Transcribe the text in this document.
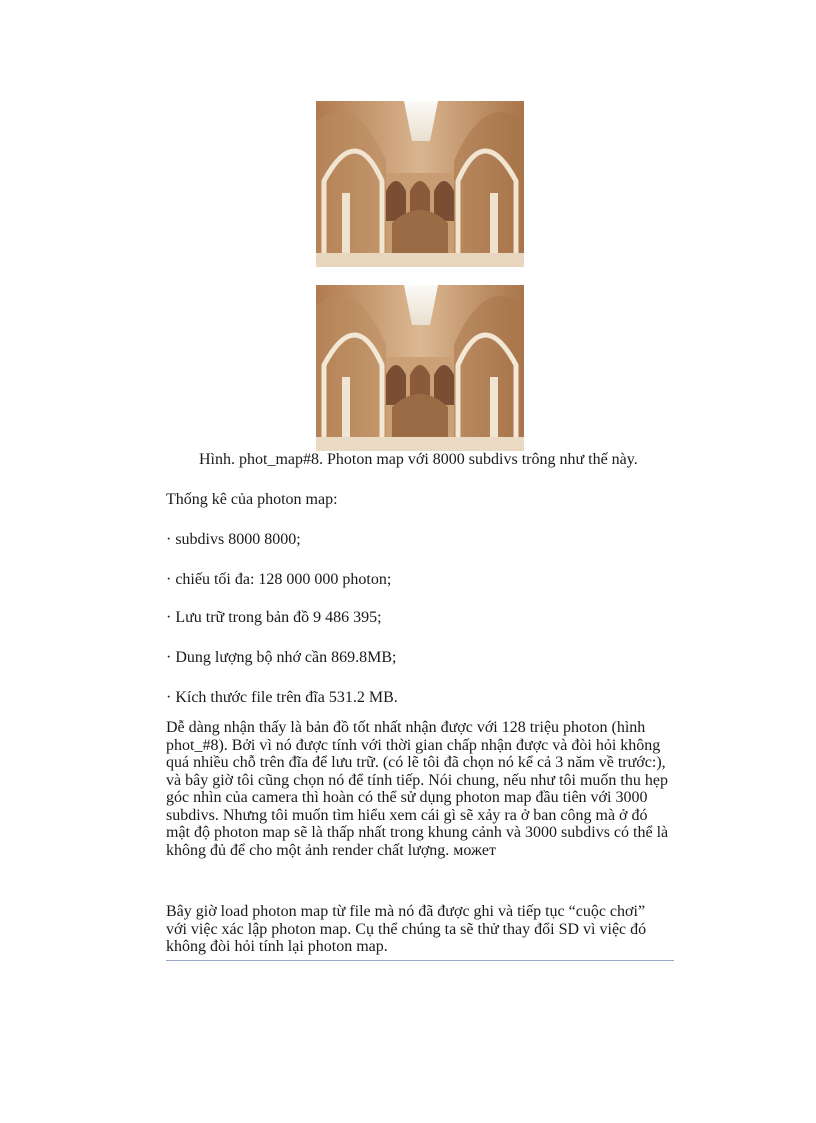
Hình. phot_map#8. Photon map với 8000 subdivs trông như thế này.
Thống kê của photon map:
· subdivs 8000 8000;
· chiếu tối đa: 128 000 000 photon;
· Lưu trữ trong bản đồ 9 486 395;
· Dung lượng bộ nhớ cần 869.8MB;
· Kích thước file trên đĩa 531.2 MB.
Dễ dàng nhận thấy là bản đồ tốt nhất nhận được với 128 triệu photon (hình
phot_#8). Bởi vì nó được tính với thời gian chấp nhận được và đòi hỏi không
quá nhiều chỗ trên đĩa để lưu trữ. (có lẽ tôi đã chọn nó kể cả 3 năm về trước:),
và bây giờ tôi cũng chọn nó để tính tiếp. Nói chung, nếu như tôi muốn thu hẹp
góc nhìn của camera thì hoàn có thể sử dụng photon map đầu tiên với 3000
subdivs. Nhưng tôi muốn tìm hiểu xem cái gì sẽ xảy ra ở ban công mà ở đó
mật độ photon map sẽ là thấp nhất trong khung cảnh và 3000 subdivs có thể là
không đủ để cho một ảnh render chất lượng. может
Bây giờ load photon map từ file mà nó đã được ghi và tiếp tục “cuộc chơi”
với việc xác lập photon map. Cụ thể chúng ta sẽ thử thay đổi SD vì việc đó
không đòi hỏi tính lại photon map.
